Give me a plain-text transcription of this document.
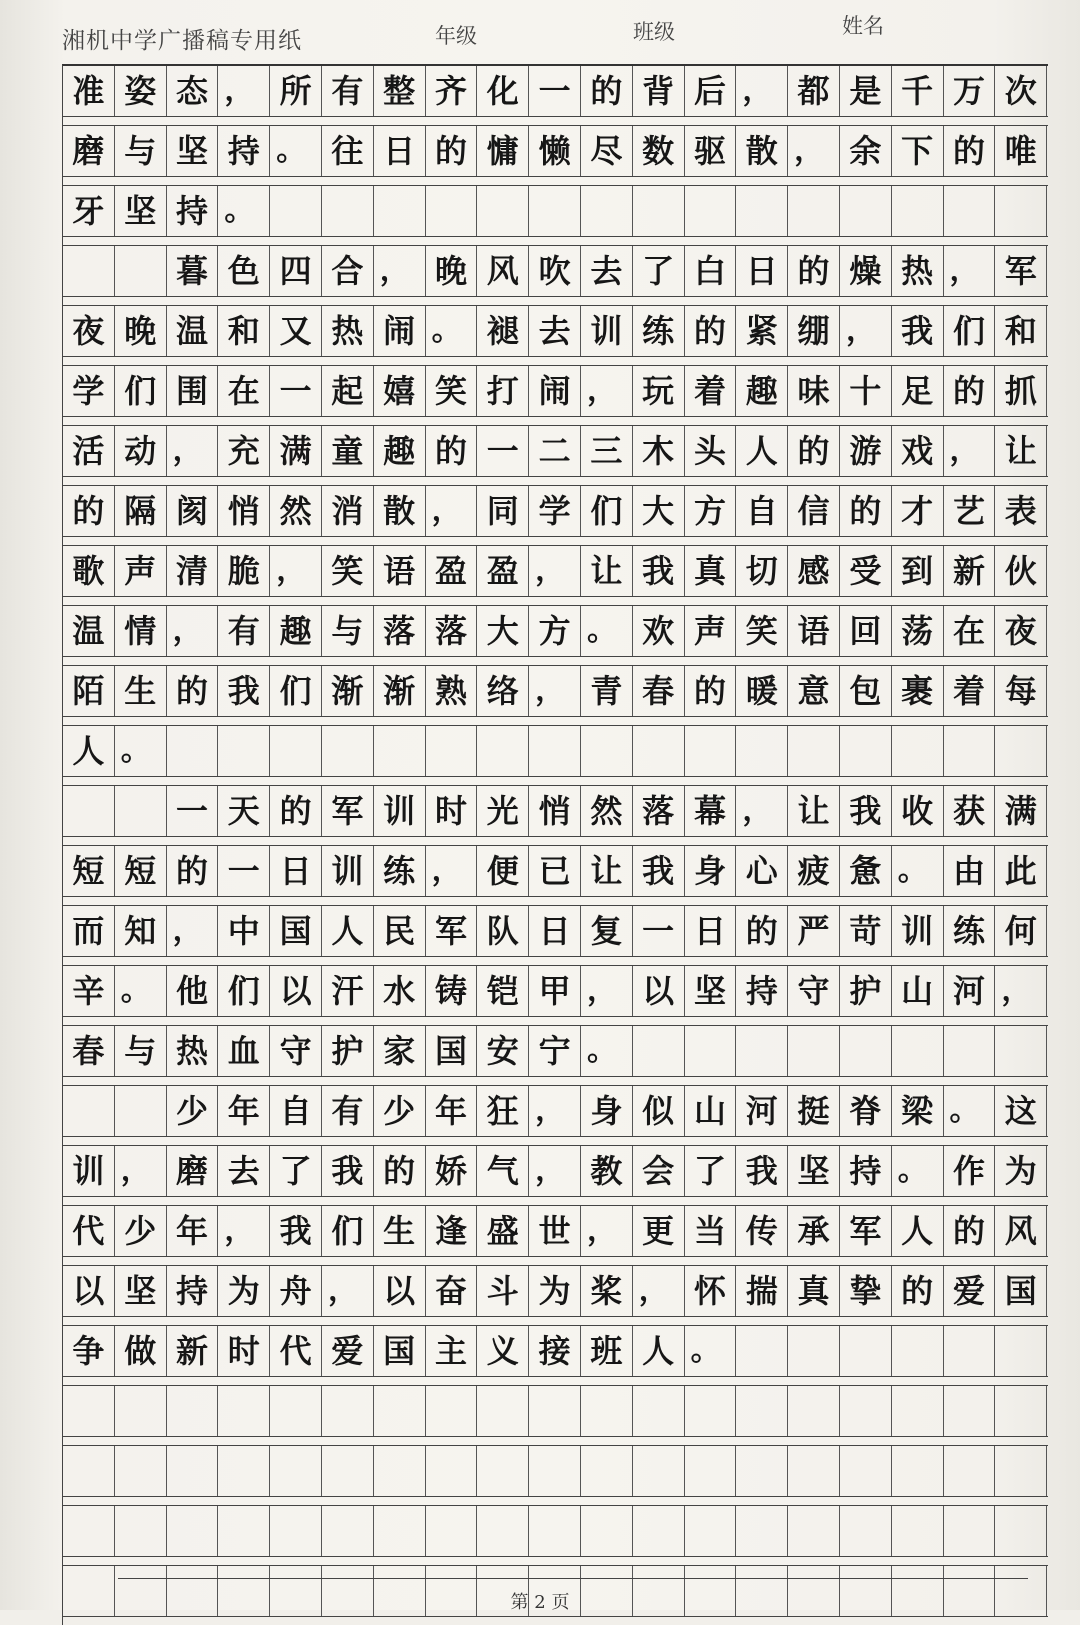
湘机中学广播稿专用纸	年级	班级	姓名
准 姿 态 ， 所 有 整 齐 化 一 的 背 后 ， 都 是 千 万 次
磨 与 坚 持 。 往 日 的 慵 懒 尽 数 驱 散 ， 余 下 的 唯
牙 坚 持 。
暮 色 四 合 ， 晚 风 吹 去 了 白 日 的 燥 热 ， 军
夜 晚 温 和 又 热 闹 。 褪 去 训 练 的 紧 绷 ， 我 们 和
学 们 围 在 一 起 嬉 笑 打 闹 ， 玩 着 趣 味 十 足 的 抓
活 动 ， 充 满 童 趣 的 一 二 三 木 头 人 的 游 戏 ， 让
的 隔 阂 悄 然 消 散 ， 同 学 们 大 方 自 信 的 才 艺 表
歌 声 清 脆 ， 笑 语 盈 盈 ， 让 我 真 切 感 受 到 新 伙
温 情 ， 有 趣 与 落 落 大 方 。 欢 声 笑 语 回 荡 在 夜
陌 生 的 我 们 渐 渐 熟 络 ， 青 春 的 暖 意 包 裹 着 每
人 。
一 天 的 军 训 时 光 悄 然 落 幕 ， 让 我 收 获 满
短 短 的 一 日 训 练 ， 便 已 让 我 身 心 疲 惫 。 由 此
而 知 ， 中 国 人 民 军 队 日 复 一 日 的 严 苛 训 练 何
辛 。 他 们 以 汗 水 铸 铠 甲 ， 以 坚 持 守 护 山 河 ，
春 与 热 血 守 护 家 国 安 宁 。
少 年 自 有 少 年 狂 ， 身 似 山 河 挺 脊 梁 。 这
训 ， 磨 去 了 我 的 娇 气 ， 教 会 了 我 坚 持 。 作 为
代 少 年 ， 我 们 生 逢 盛 世 ， 更 当 传 承 军 人 的 风
以 坚 持 为 舟 ， 以 奋 斗 为 桨 ， 怀 揣 真 挚 的 爱 国
争 做 新 时 代 爱 国 主 义 接 班 人 。
第 2 页
